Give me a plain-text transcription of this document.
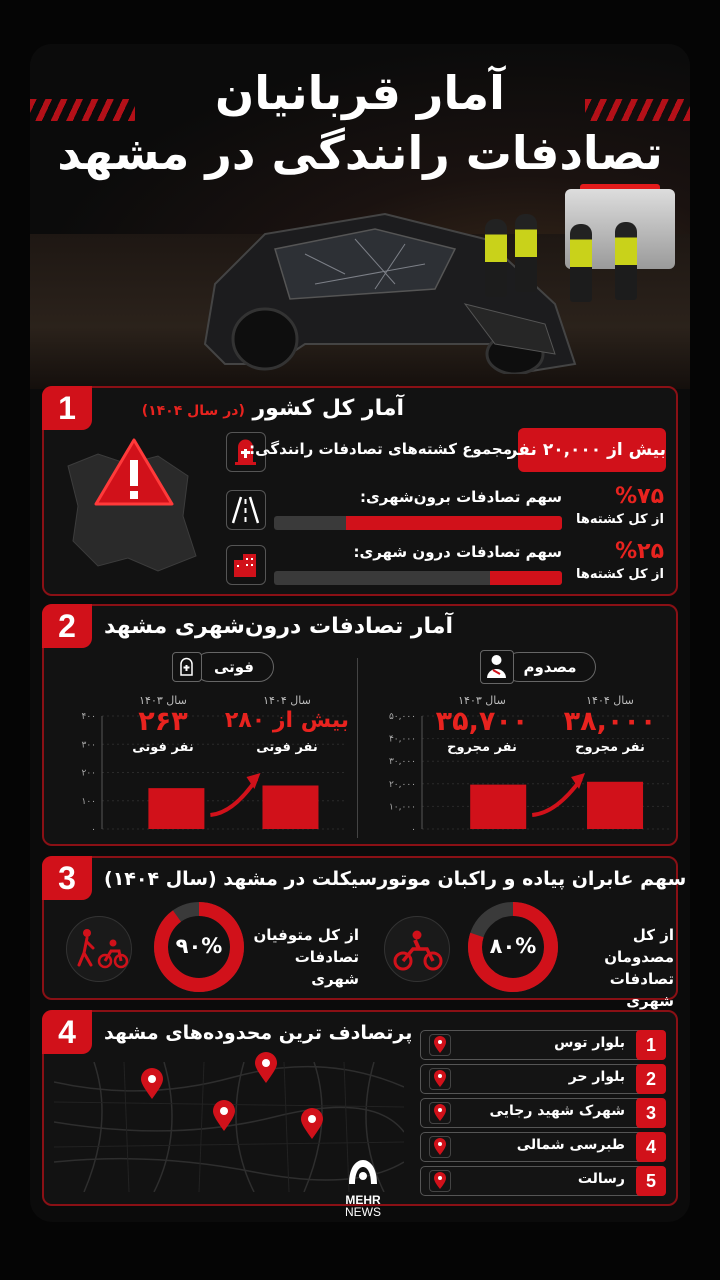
آمار قربانیان
تصادفات رانندگی در مشهد
1	آمار کل کشور (در سال ۱۴۰۴)
مجموع کشته‌های تصادفات رانندگی:
بیش از ۲۰,۰۰۰ نفر
سهم تصادفات برون‌شهری:	%۷۵
از کل کشته‌ها
سهم تصادفات درون شهری:	%۲۵
از کل کشته‌ها
2	آمار تصادفات درون‌شهری مشهد
فوتی
۰
۱۰۰
۲۰۰
۳۰۰
۴۰۰
سال ۱۴۰۳
۲۶۳
نفر فوتی
سال ۱۴۰۴
بیش از ۲۸۰
نفر فوتی
مصدوم
۰
۱۰,۰۰۰
۲۰,۰۰۰
۳۰,۰۰۰
۴۰,۰۰۰
۵۰,۰۰۰
سال ۱۴۰۳
۳۵,۷۰۰
نفر مجروح
سال ۱۴۰۴
۳۸,۰۰۰
نفر مجروح
3	سهم عابران پیاده و راکبان موتورسیکلت در مشهد (سال ۱۴۰۴)
۹۰%	از کل متوفیان
تصادفات شهری
۸۰%	از کل مصدومان
تصادفات شهری
4	پرتصادف ترین محدوده‌های مشهد
1
بلوار توس
2
بلوار حر
3
شهرک شهید رجایی
4
طبرسی شمالی
5
رسالت
MEHR
NEWS
